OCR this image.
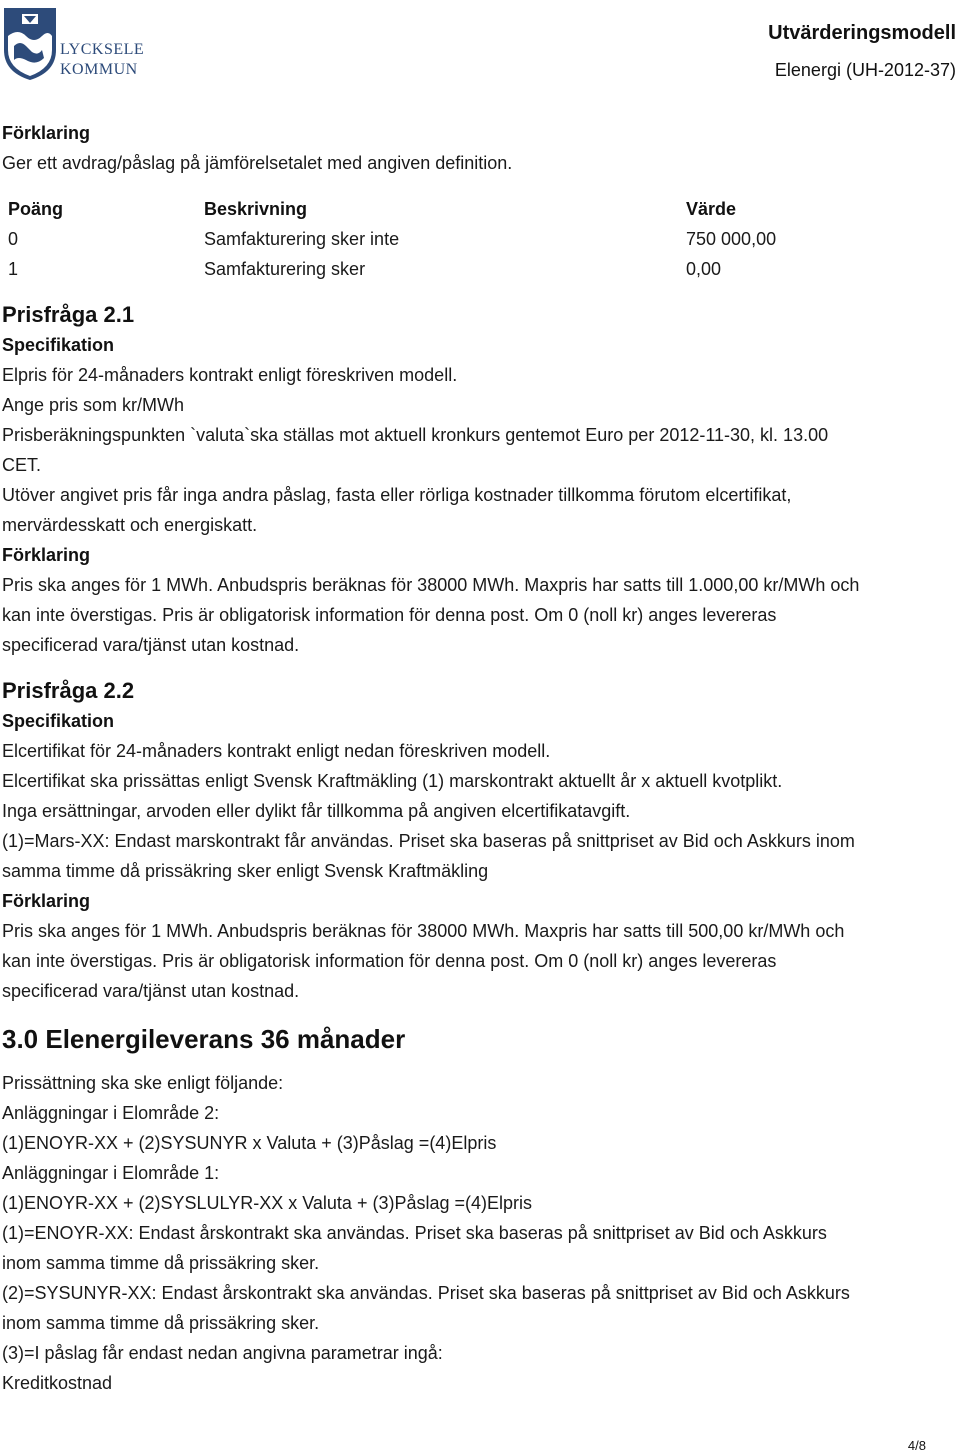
LYCKSELE
KOMMUN
Utvärderingsmodell
Elenergi (UH-2012-37)

Förklaring

Ger ett avdrag/påslag på jämförelsetalet med angiven definition.

Poäng	Beskrivning	Värde
0	Samfakturering sker inte	750 000,00
1	Samfakturering sker	0,00

Prisfråga 2.1

Specifikation

Elpris för 24-månaders kontrakt enligt föreskriven modell.

Ange pris som kr/MWh

Prisberäkningspunkten `valuta`ska ställas mot aktuell kronkurs gentemot Euro per 2012-11-30, kl. 13.00

CET.

Utöver angivet pris får inga andra påslag, fasta eller rörliga kostnader tillkomma förutom elcertifikat,

mervärdesskatt och energiskatt.

Förklaring

Pris ska anges för 1 MWh. Anbudspris beräknas för 38000 MWh. Maxpris har satts till 1.000,00 kr/MWh och

kan inte överstigas. Pris är obligatorisk information för denna post. Om 0 (noll kr) anges levereras

specificerad vara/tjänst utan kostnad.

Prisfråga 2.2

Specifikation

Elcertifikat för 24-månaders kontrakt enligt nedan föreskriven modell.

Elcertifikat ska prissättas enligt Svensk Kraftmäkling (1) marskontrakt aktuellt år x aktuell kvotplikt.

Inga ersättningar, arvoden eller dylikt får tillkomma på angiven elcertifikatavgift.

(1)=Mars-XX: Endast marskontrakt får användas. Priset ska baseras på snittpriset av Bid och Askkurs inom

samma timme då prissäkring sker enligt Svensk Kraftmäkling

Förklaring

Pris ska anges för 1 MWh. Anbudspris beräknas för 38000 MWh. Maxpris har satts till 500,00 kr/MWh och

kan inte överstigas. Pris är obligatorisk information för denna post. Om 0 (noll kr) anges levereras

specificerad vara/tjänst utan kostnad.

3.0 Elenergileverans 36 månader

Prissättning ska ske enligt följande:

Anläggningar i Elområde 2:

(1)ENOYR-XX + (2)SYSUNYR x Valuta + (3)Påslag =(4)Elpris

Anläggningar i Elområde 1:

(1)ENOYR-XX + (2)SYSLULYR-XX x Valuta + (3)Påslag =(4)Elpris

(1)=ENOYR-XX: Endast årskontrakt ska användas. Priset ska baseras på snittpriset av Bid och Askkurs

inom samma timme då prissäkring sker.

(2)=SYSUNYR-XX: Endast årskontrakt ska användas. Priset ska baseras på snittpriset av Bid och Askkurs

inom samma timme då prissäkring sker.

(3)=I påslag får endast nedan angivna parametrar ingå:

Kreditkostnad

4/8
